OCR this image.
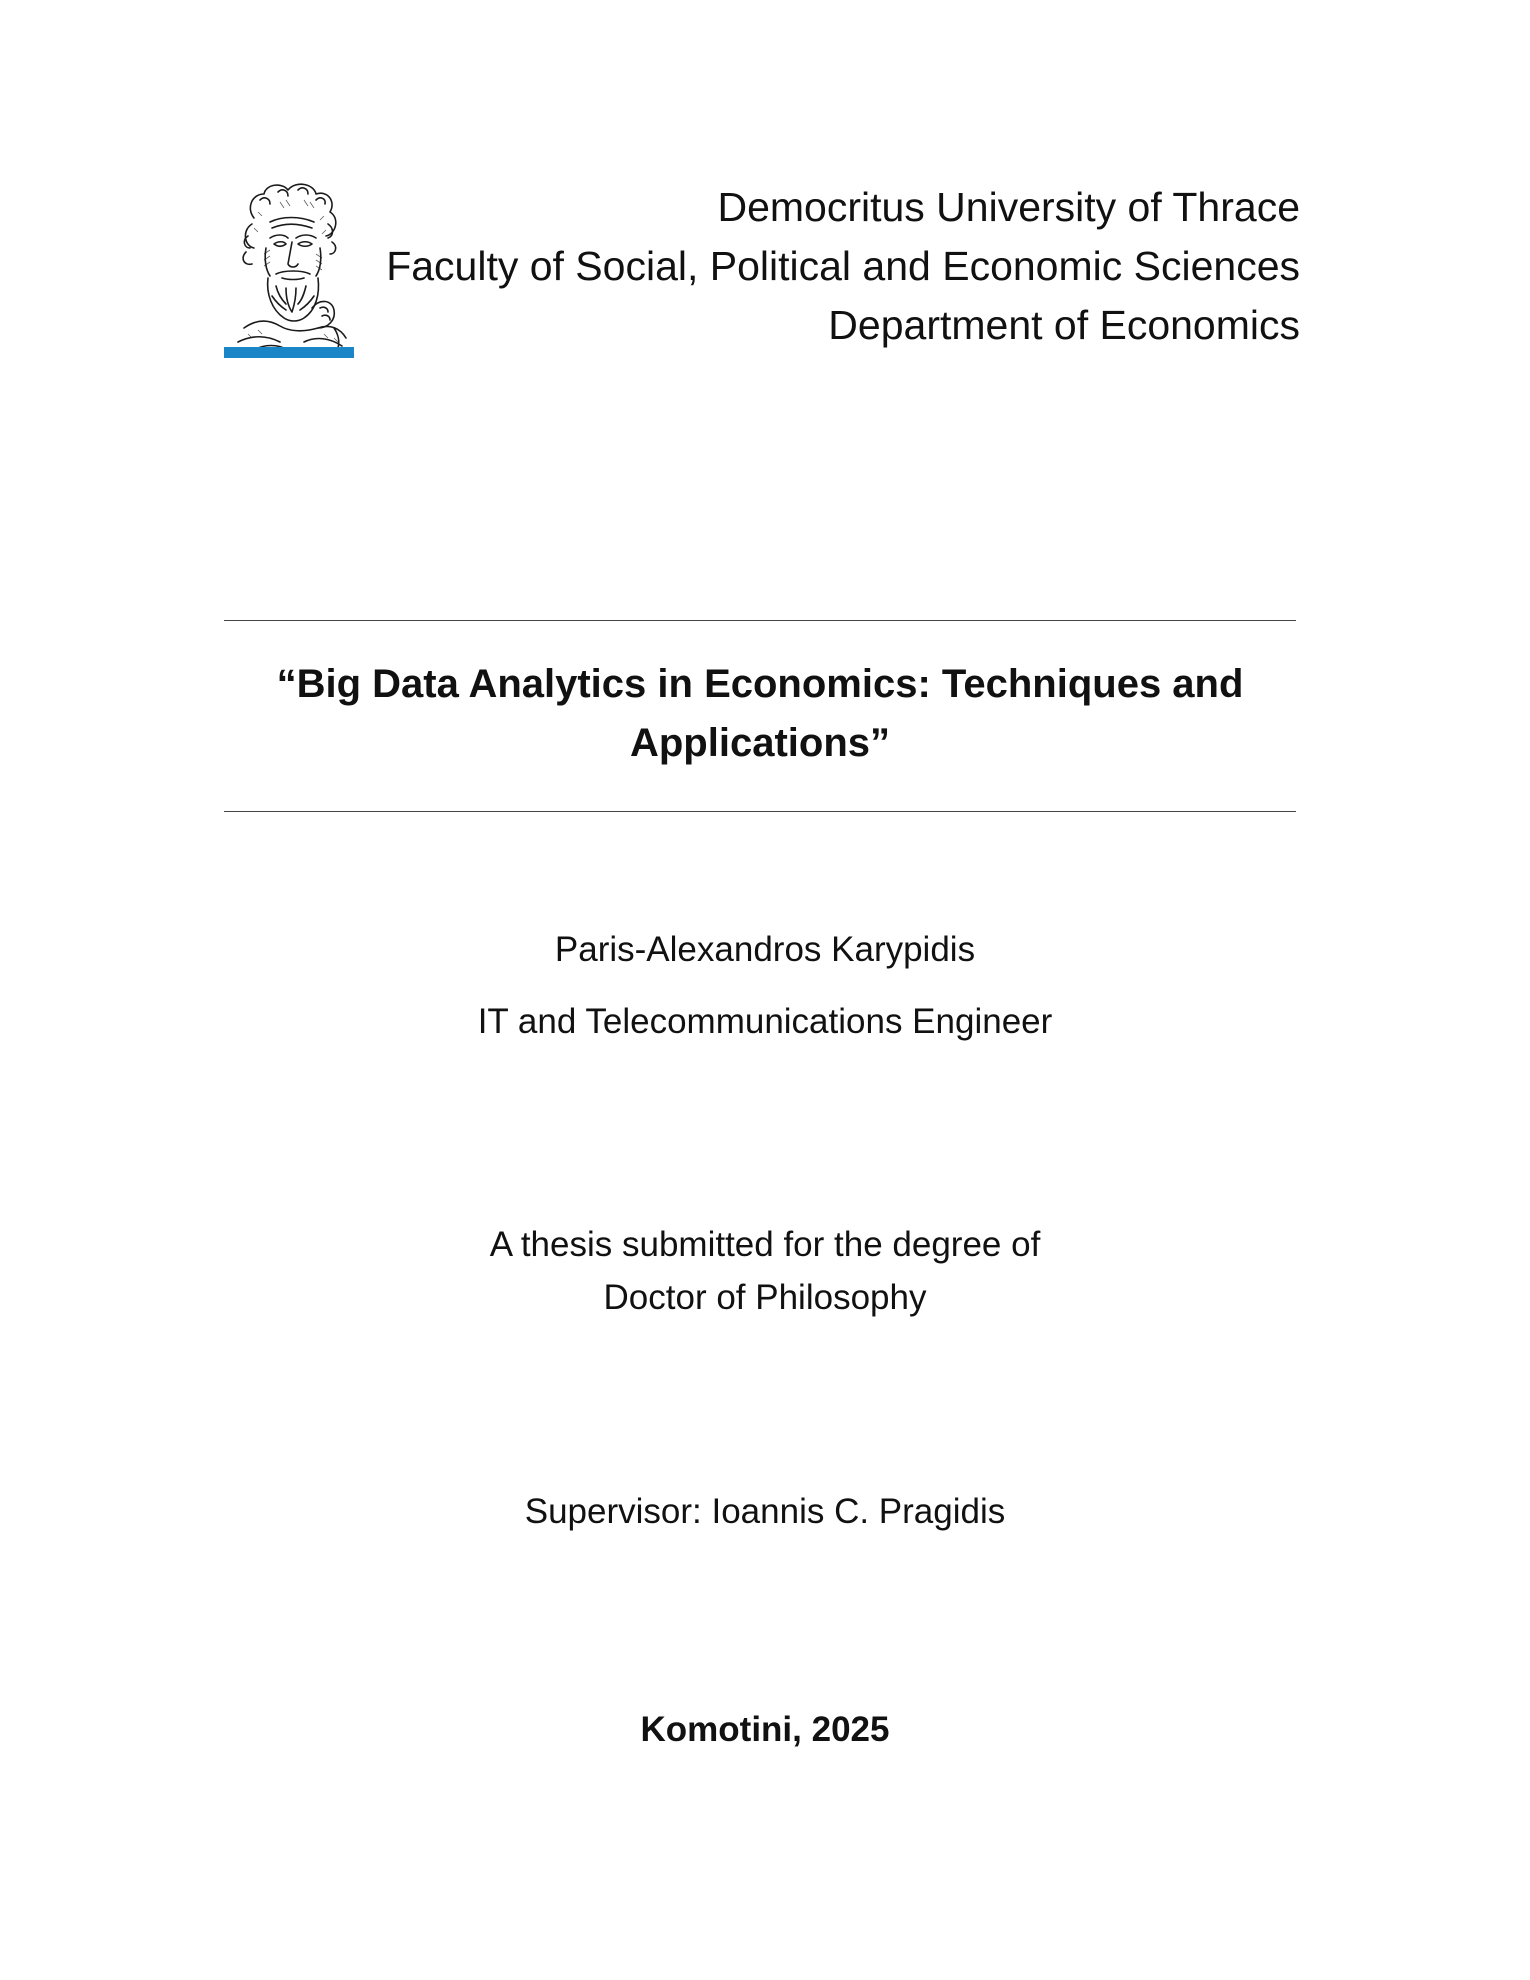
Democritus University of Thrace
Faculty of Social, Political and Economic Sciences
Department of Economics
“Big Data Analytics in Economics: Techniques and
Applications”
Paris-Alexandros Karypidis
IT and Telecommunications Engineer
A thesis submitted for the degree of
Doctor of Philosophy
Supervisor: Ioannis C. Pragidis
Komotini, 2025
